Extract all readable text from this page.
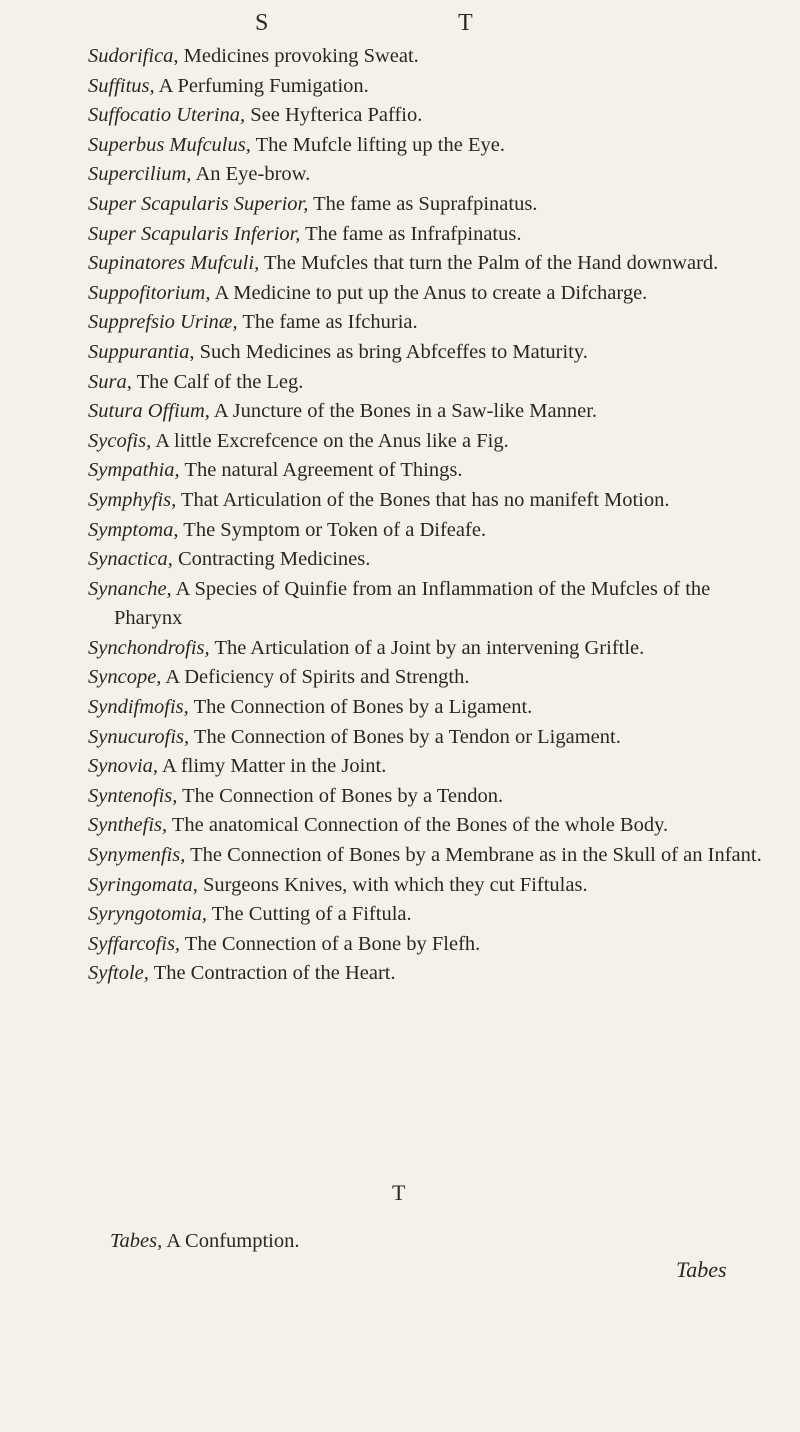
S	T

Sudorifica, Medicines provoking Sweat.

Suffitus, A Perfuming Fumigation.

Suffocatio Uterina, See Hyfterica Paffio.

Superbus Mufculus, The Mufcle lifting up the Eye.

Supercilium, An Eye-brow.

Super Scapularis Superior, The fame as Suprafpinatus.

Super Scapularis Inferior, The fame as Infrafpinatus.

Supinatores Mufculi, The Mufcles that turn the Palm of the Hand downward.

Suppofitorium, A Medicine to put up the Anus to create a Difcharge.

Supprefsio Urinæ, The fame as Ifchuria.

Suppurantia, Such Medicines as bring Abfceffes to Maturity.

Sura, The Calf of the Leg.

Sutura Offium, A Juncture of the Bones in a Saw-like Manner.

Sycofis, A little Excrefcence on the Anus like a Fig.

Sympathia, The natural Agreement of Things.

Symphyfis, That Articulation of the Bones that has no manifeft Motion.

Symptoma, The Symptom or Token of a Difeafe.

Synactica, Contracting Medicines.

Synanche, A Species of Quinfie from an Inflammation of the Mufcles of the Pharynx

Synchondrofis, The Articulation of a Joint by an intervening Griftle.

Syncope, A Deficiency of Spirits and Strength.

Syndifmofis, The Connection of Bones by a Ligament.

Synucurofis, The Connection of Bones by a Tendon or Ligament.

Synovia, A flimy Matter in the Joint.

Syntenofis, The Connection of Bones by a Tendon.

Synthefis, The anatomical Connection of the Bones of the whole Body.

Synymenfis, The Connection of Bones by a Membrane as in the Skull of an Infant.

Syringomata, Surgeons Knives, with which they cut Fiftulas.

Syryngotomia, The Cutting of a Fiftula.

Syffarcofis, The Connection of a Bone by Flefh.

Syftole, The Contraction of the Heart.

T
Tabes, A Confumption.
Tabes
